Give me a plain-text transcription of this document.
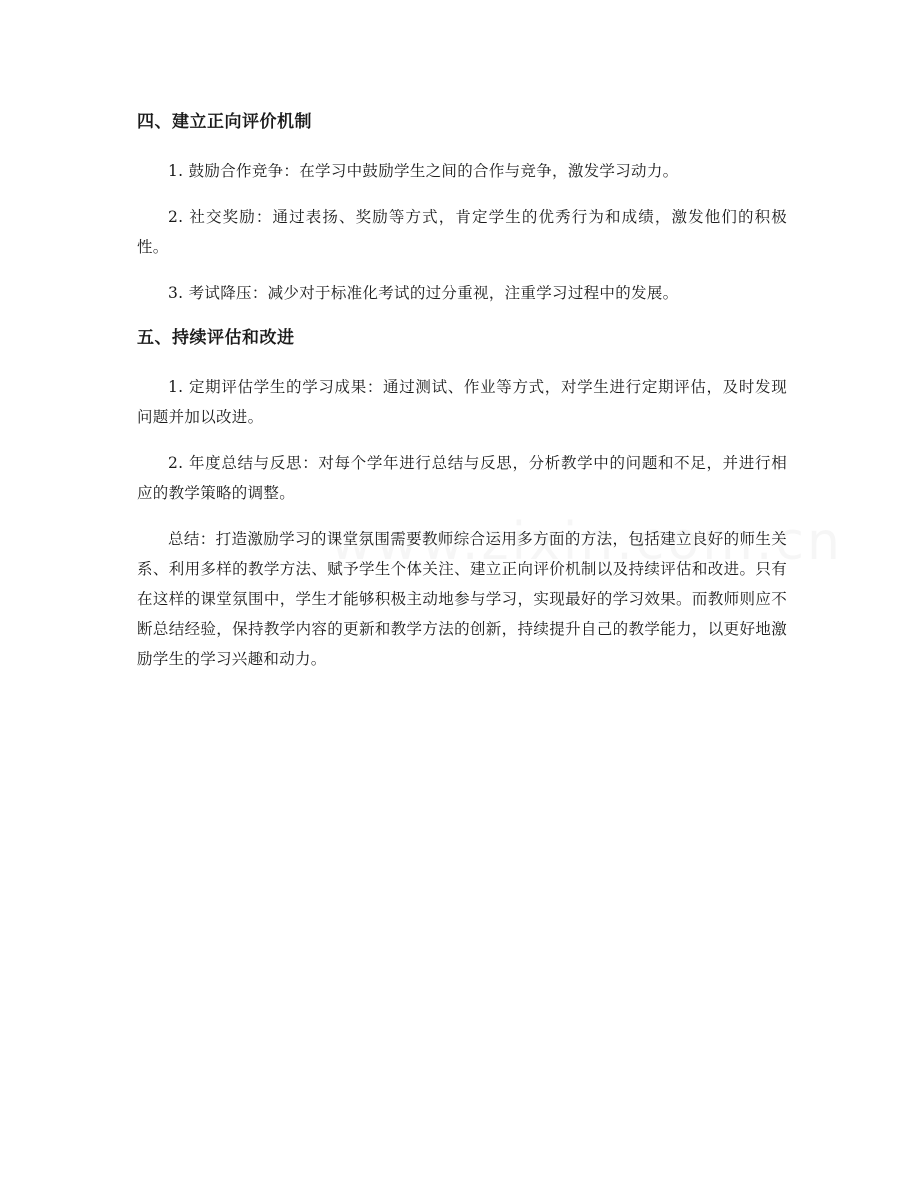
四、建立正向评价机制

1. 鼓励合作竞争：在学习中鼓励学生之间的合作与竞争，激发学习动力。

2. 社交奖励：通过表扬、奖励等方式，肯定学生的优秀行为和成绩，激发他们的积极性。

3. 考试降压：减少对于标准化考试的过分重视，注重学习过程中的发展。

五、持续评估和改进

1. 定期评估学生的学习成果：通过测试、作业等方式，对学生进行定期评估，及时发现问题并加以改进。

2. 年度总结与反思：对每个学年进行总结与反思，分析教学中的问题和不足，并进行相应的教学策略的调整。

总结：打造激励学习的课堂氛围需要教师综合运用多方面的方法，包括建立良好的师生关系、利用多样的教学方法、赋予学生个体关注、建立正向评价机制以及持续评估和改进。只有在这样的课堂氛围中，学生才能够积极主动地参与学习，实现最好的学习效果。而教师则应不断总结经验，保持教学内容的更新和教学方法的创新，持续提升自己的教学能力，以更好地激励学生的学习兴趣和动力。
